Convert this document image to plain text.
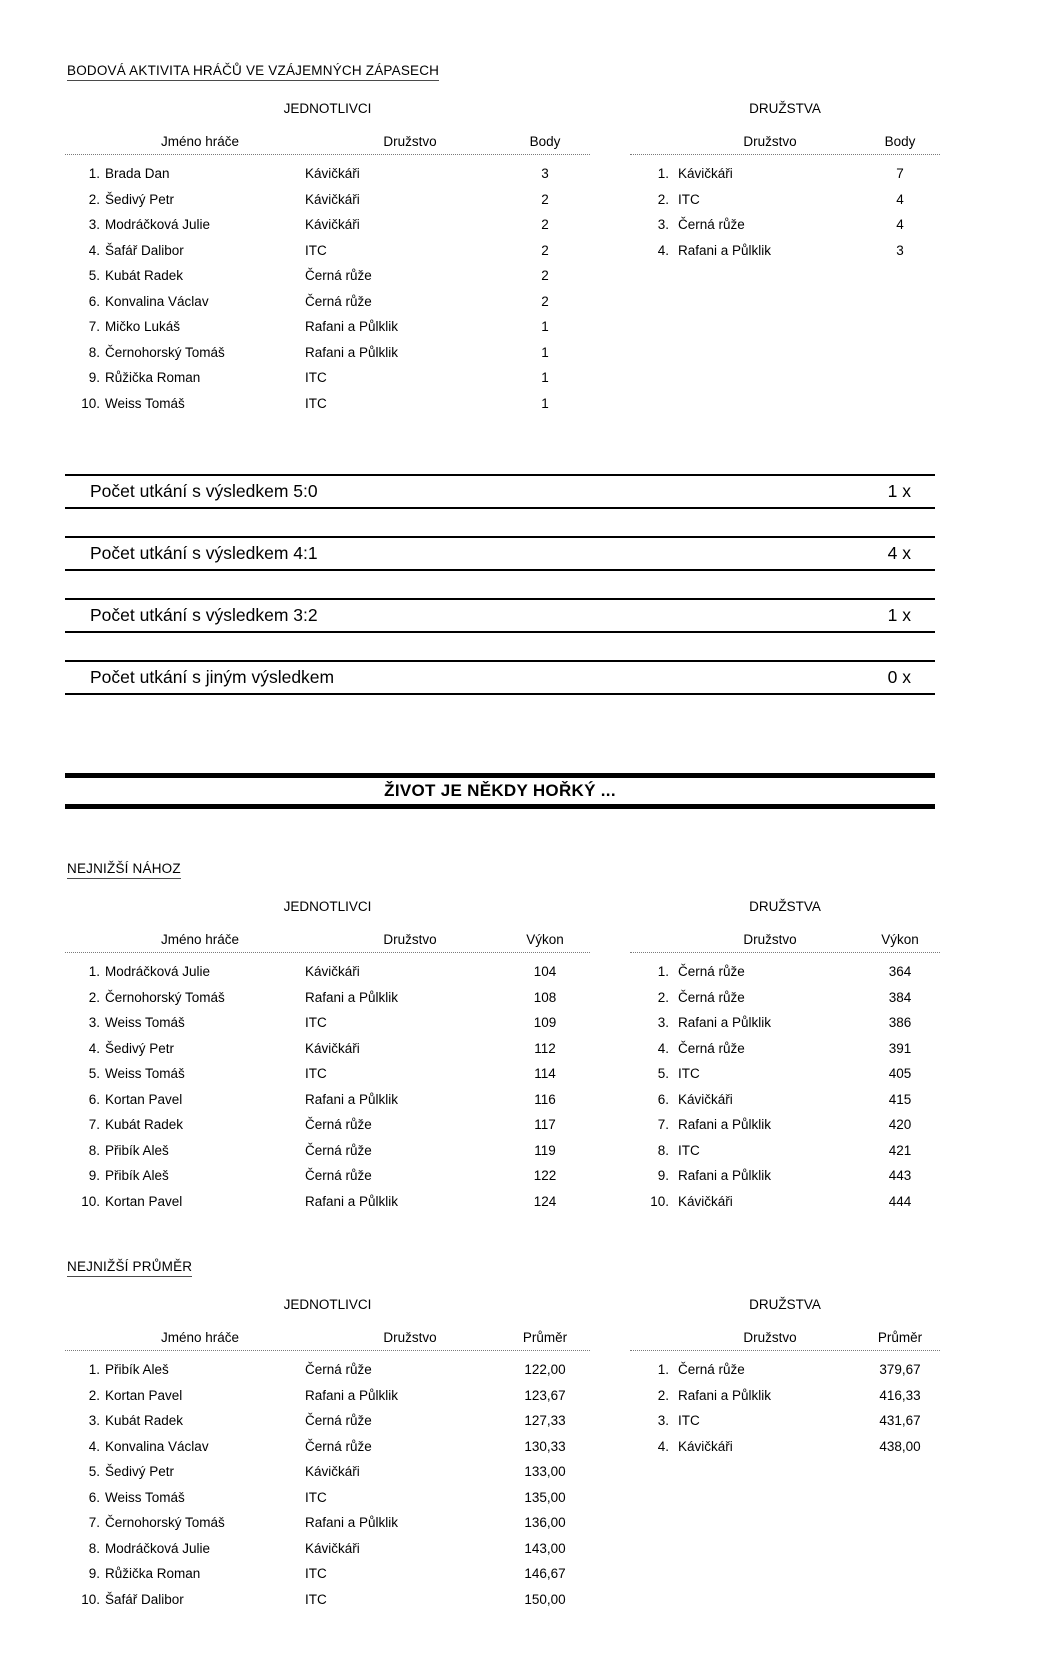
BODOVÁ AKTIVITA HRÁČŮ VE VZÁJEMNÝCH ZÁPASECH
JEDNOTLIVCI
Jméno hráče	Družstvo	Body
1. Brada Dan	Kávičkáři	3
2. Šedivý Petr	Kávičkáři	2
3. Modráčková Julie	Kávičkáři	2
4. Šafář Dalibor	ITC	2
5. Kubát Radek	Černá růže	2
6. Konvalina Václav	Černá růže	2
7. Mičko Lukáš	Rafani a Půlklik	1
8. Černohorský Tomáš	Rafani a Půlklik	1
9. Růžička Roman	ITC	1
10. Weiss Tomáš	ITC	1
DRUŽSTVA
Družstvo	Body
1. Kávičkáři	7
2. ITC	4
3. Černá růže	4
4. Rafani a Půlklik	3
Počet utkání s výsledkem 5:0	1 x
Počet utkání s výsledkem 4:1	4 x
Počet utkání s výsledkem 3:2	1 x
Počet utkání s jiným výsledkem	0 x
ŽIVOT JE NĚKDY HOŘKÝ ...
NEJNIŽŠÍ NÁHOZ
JEDNOTLIVCI
Jméno hráče	Družstvo	Výkon
1. Modráčková Julie	Kávičkáři	104
2. Černohorský Tomáš	Rafani a Půlklik	108
3. Weiss Tomáš	ITC	109
4. Šedivý Petr	Kávičkáři	112
5. Weiss Tomáš	ITC	114
6. Kortan Pavel	Rafani a Půlklik	116
7. Kubát Radek	Černá růže	117
8. Přibík Aleš	Černá růže	119
9. Přibík Aleš	Černá růže	122
10. Kortan Pavel	Rafani a Půlklik	124
DRUŽSTVA
Družstvo	Výkon
1. Černá růže	364
2. Černá růže	384
3. Rafani a Půlklik	386
4. Černá růže	391
5. ITC	405
6. Kávičkáři	415
7. Rafani a Půlklik	420
8. ITC	421
9. Rafani a Půlklik	443
10. Kávičkáři	444
NEJNIŽŠÍ PRŮMĚR
JEDNOTLIVCI
Jméno hráče	Družstvo	Průměr
1. Přibík Aleš	Černá růže	122,00
2. Kortan Pavel	Rafani a Půlklik	123,67
3. Kubát Radek	Černá růže	127,33
4. Konvalina Václav	Černá růže	130,33
5. Šedivý Petr	Kávičkáři	133,00
6. Weiss Tomáš	ITC	135,00
7. Černohorský Tomáš	Rafani a Půlklik	136,00
8. Modráčková Julie	Kávičkáři	143,00
9. Růžička Roman	ITC	146,67
10. Šafář Dalibor	ITC	150,00
DRUŽSTVA
Družstvo	Průměr
1. Černá růže	379,67
2. Rafani a Půlklik	416,33
3. ITC	431,67
4. Kávičkáři	438,00
